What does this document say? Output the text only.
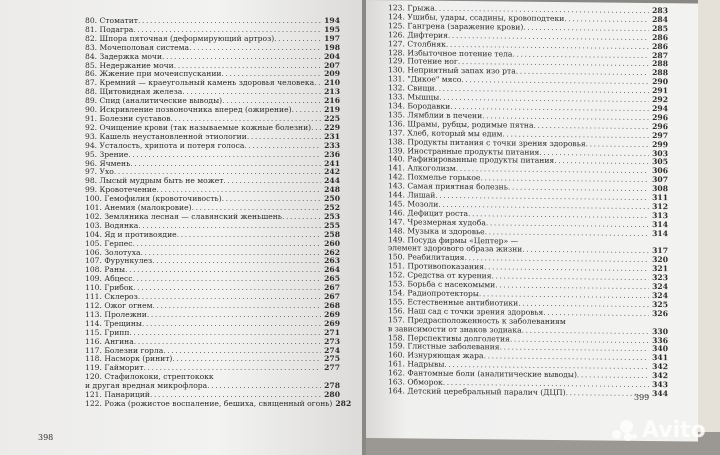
80. Стоматит .....	194
81. Подагра .....	195
82. Шпора пяточная (деформирующий артроз) .....	197
83. Мочеполовая система .....	198
84. Задержка мочи .....	204
85. Недержание мочи .....	207
86. Жжение при мочеиспускании .....	209
87. Кремний — краеугольный камень здоровья человека .....	210
88. Щитовидная железа .....	213
89. Спид (аналитические выводы) .....	216
90. Искривление позвоночника вперед (ожирение) .....	219
91. Болезни суставов .....	225
92. Очищение крови (так называемые кожные болезни) .....	229
93. Кашель неустановленной этиологии .....	231
94. Усталость, хрипота и потеря голоса .....	233
95. Зрение .....	236
96. Ячмень .....	241
97. Ухо .....	242
98. Лысый мудрым быть не может .....	244
99. Кровотечение .....	248
100. Гемофилия (кровоточивость) .....	250
101. Анемия (малокровие) .....	252
102. Земляника лесная — славянский женьшень .....	253
103. Водянка .....	255
104. Яд и противоядие .....	258
105. Герпес .....	260
106. Золотуха .....	262
107. Фурункулез .....	263
108. Раны .....	264
109. Абцесс .....	265
110. Грибок .....	267
111. Склероз .....	267
112. Ожог огнем .....	268
113. Пролежни .....	269
114. Трещины .....	269
115. Грипп .....	271
116. Ангина .....	273
117. Болезни горла .....	274
118. Насморк (ринит) .....	275
119. Гайморит .....	277
120. Стафилококи, стрептококк
и другая вредная микрофлора .....	278
121. Панариций .....	280
122. Рожа (рожистое воспаление, бешиха, священный огонь) 282
398
123. Грыжа .....	283
124. Ушибы, удары, ссадины, кровоподтеки .....	284
125. Гангрена (заражение крови) .....	285
126. Дифтерия .....	286
127. Столбняк .....	286
128. Избыточное потение тела .....	287
129. Потение ног .....	288
130. Неприятный запах изо рта .....	288
131. "Дикое" мясо .....	290
132. Свищи .....	291
133. Мышцы .....	292
134. Бородавки .....	294
135. Лямблии в печени .....	296
136. Шрамы, рубцы, родимые пятна .....	296
137. Хлеб, который мы едим .....	297
138. Продукты питания с точки зрения здоровья .....	299
139. Иностранные продукты питания .....	303
140. Рафинированные продукты питания .....	305
141. Алкоголизм .....	306
142. Похмелье горькое .....	307
143. Самая приятная болезнь .....	308
144. Лишай .....	311
145. Мозоли .....	312
146. Дефицит роста .....	313
147. Чрезмерная худоба .....	314
148. Музыка и здоровье .....	314
149. Посуда фирмы «Цептер» —
элемент здорового образа жизни .....	317
150. Реабилитация .....	320
151. Противопоказания .....	321
152. Средства от курения .....	323
153. Борьба с насекомыми .....	324
154. Радиопротекторы .....	324
155. Естественные антибиотики .....	325
156. Наш сад с точки зрения здоровья .....	326
157. Предрасположенность к заболеваниям
в зависимости от знаков зодиака .....	330
158. Перспективы долголетия .....	336
159. Глистные заболевания .....	340
160. Изнуряющая жара .....	341
161. Надрывы .....	342
162. Фантомные боли (аналитические выводы) .....	342
163. Обморок .....	343
164. Детский церебральный паралич (ДЦП) .....	344
399
Avito
